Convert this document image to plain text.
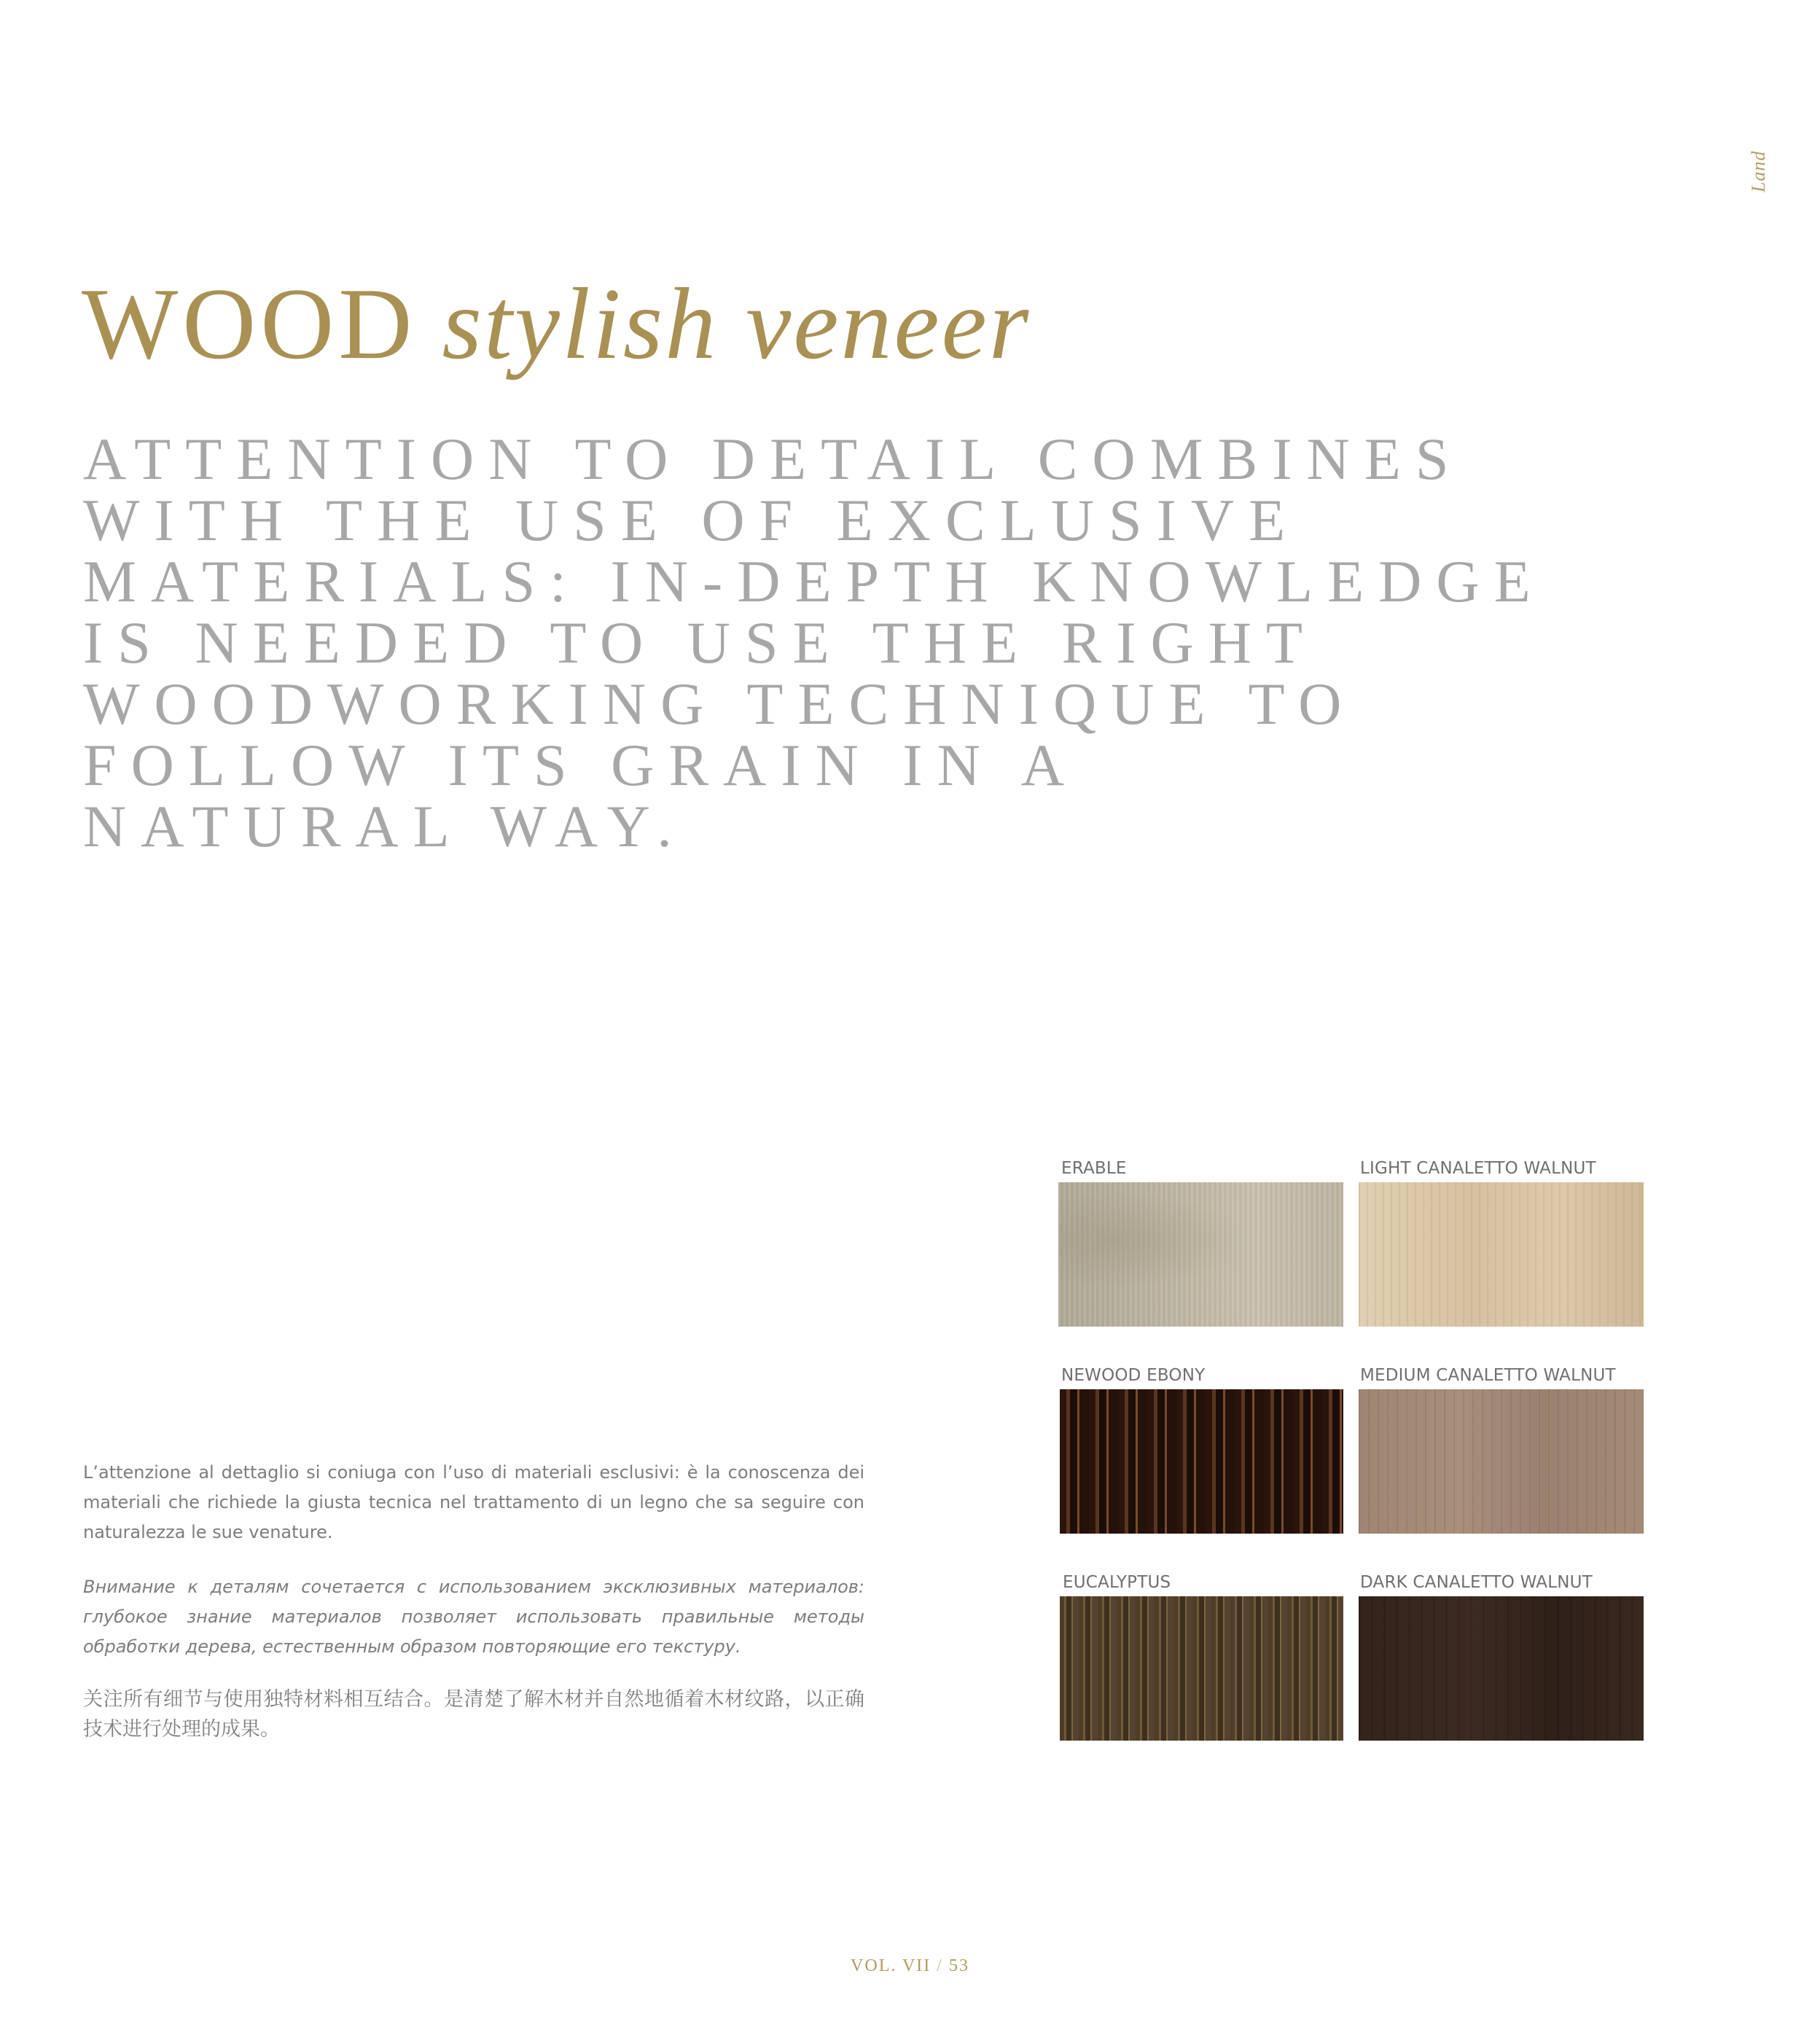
Land
WOOD stylish veneer
ATTENTION TO DETAIL COMBINES
WITH THE USE OF EXCLUSIVE
MATERIALS: IN-DEPTH KNOWLEDGE
IS NEEDED TO USE THE RIGHT
WOODWORKING TECHNIQUE TO
FOLLOW ITS GRAIN IN A
NATURAL WAY.

L’attenzione al dettaglio si coniuga con l’uso di materiali esclusivi: è la conoscenza dei materiali che richiede la giusta tecnica nel trattamento di un legno che sa seguire con naturalezza le sue venature.

Внимание к деталям сочетается с использованием эксклюзивных материалов: глубокое знание материалов позволяет использовать правильные методы обработки дерева, естественным образом повторяющие его текстуру.

关注所有细节与使用独特材料相互结合。是清楚了解木材并自然地循着木材纹路，以正确技术进行处理的成果。

ERABLE	LIGHT CANALETTO WALNUT
NEWOOD EBONY	MEDIUM CANALETTO WALNUT
EUCALYPTUS	DARK CANALETTO WALNUT
VOL. VII / 53
